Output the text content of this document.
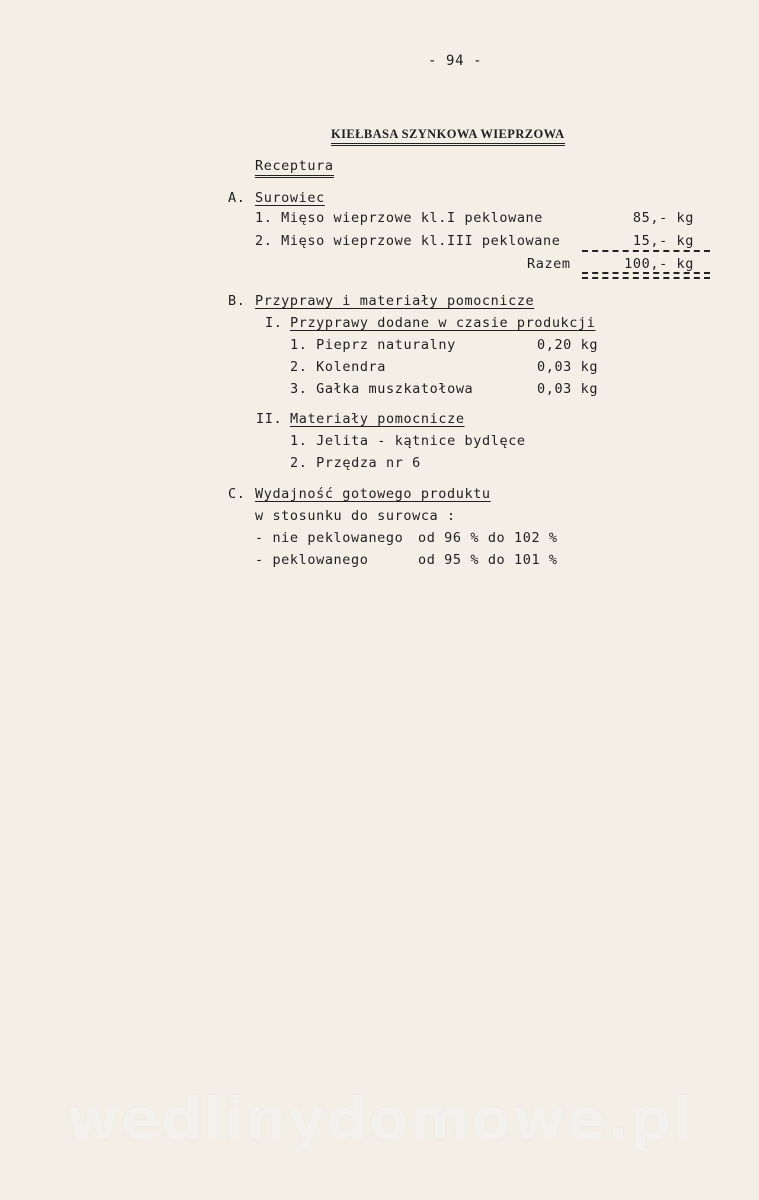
- 94 -
KIEŁBASA SZYNKOWA WIEPRZOWA
Receptura
A. Surowiec
1. Mięso wieprzowe kl.I peklowane	85,- kg
2. Mięso wieprzowe kl.III peklowane	15,- kg
Razem	100,- kg
B. Przyprawy i materiały pomocnicze
I. Przyprawy dodane w czasie produkcji
1. Pieprz naturalny	0,20 kg
2. Kolendra	0,03 kg
3. Gałka muszkatołowa	0,03 kg
II. Materiały pomocnicze
1. Jelita - kątnice bydlęce
2. Przędza nr 6
C. Wydajność gotowego produktu
w stosunku do surowca :
- nie peklowanego od 96 % do 102 %
- peklowanego	od 95 % do 101 %
wedlinydomowe.pl
